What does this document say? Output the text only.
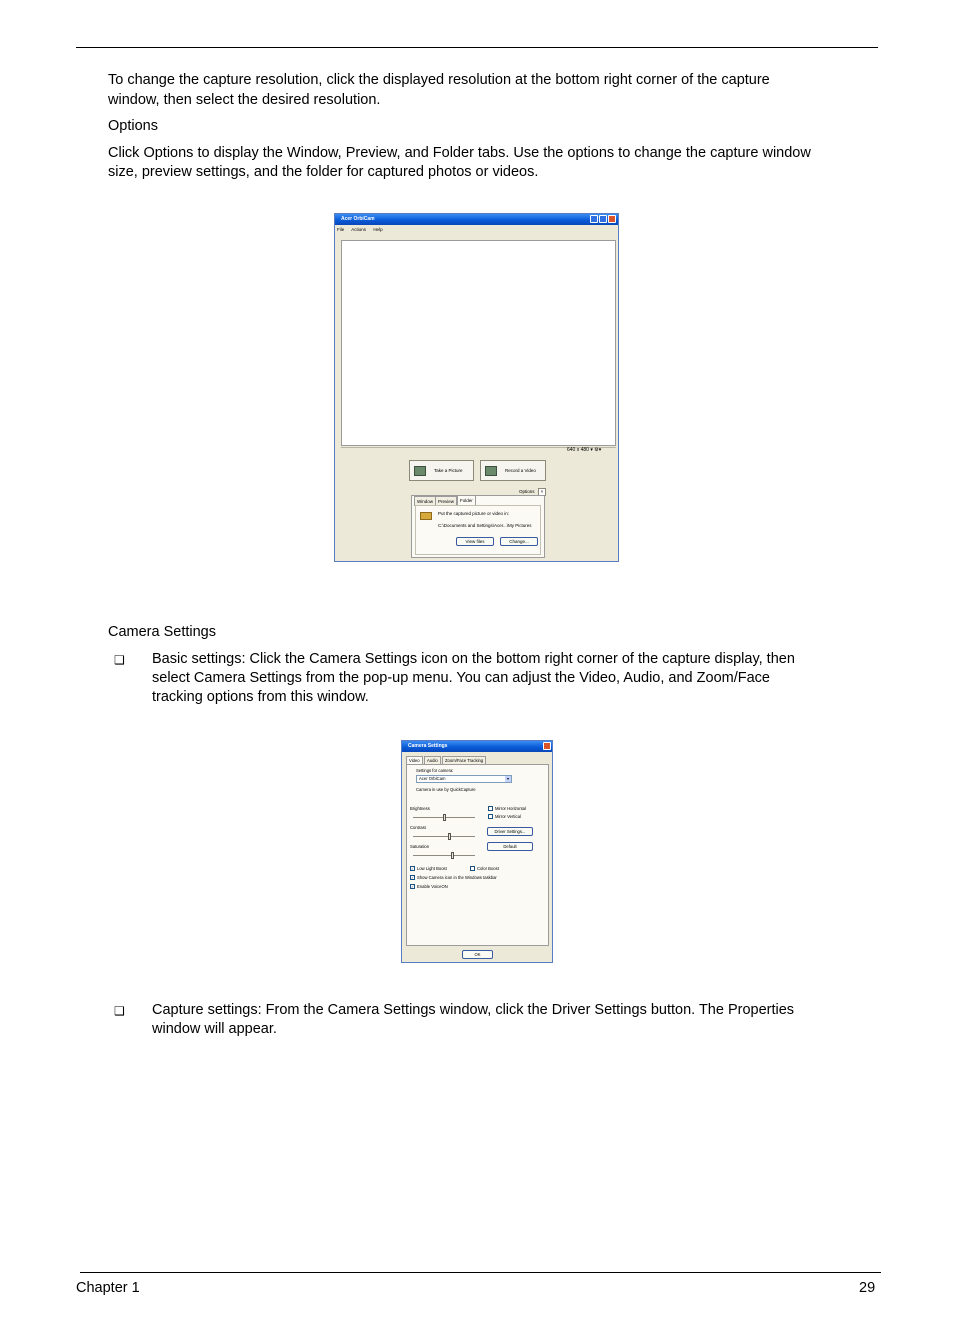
To change the capture resolution, click the displayed resolution at the bottom right corner of the capture

window, then select the desired resolution.

Options

Click Options to display the Window, Preview, and Folder tabs. Use the options to change the capture window

size, preview settings, and the folder for captured photos or videos.

Acer OrbiCam
File Actions Help
640 x 480 ▾ ⚙▾
Take a Picture	Record a Video
Options	×
Window	Preview	Folder
Put the captured picture or video in:
C:\Documents and Settings\Acer...\My Pictures
View files	Change...

Camera Settings

❑ Basic settings: Click the Camera Settings icon on the bottom right corner of the capture display, then

select Camera Settings from the pop-up menu. You can adjust the Video, Audio, and Zoom/Face

tracking options from this window.

Camera Settings
Video	Audio	Zoom/Face Tracking
Settings for camera:
Acer OrbiCam	▾
Camera in use by QuickCapture
Brightness
Contrast
Saturation
Mirror Horizontal
Mirror Vertical
Driver Settings...
Default
✓ Low Light Boost	Color Boost
✓ Show Camera icon in the Windows taskbar
✓ Enable VoiceON
OK
❑ Capture settings: From the Camera Settings window, click the Driver Settings button. The Properties

window will appear.

Chapter 1	29
